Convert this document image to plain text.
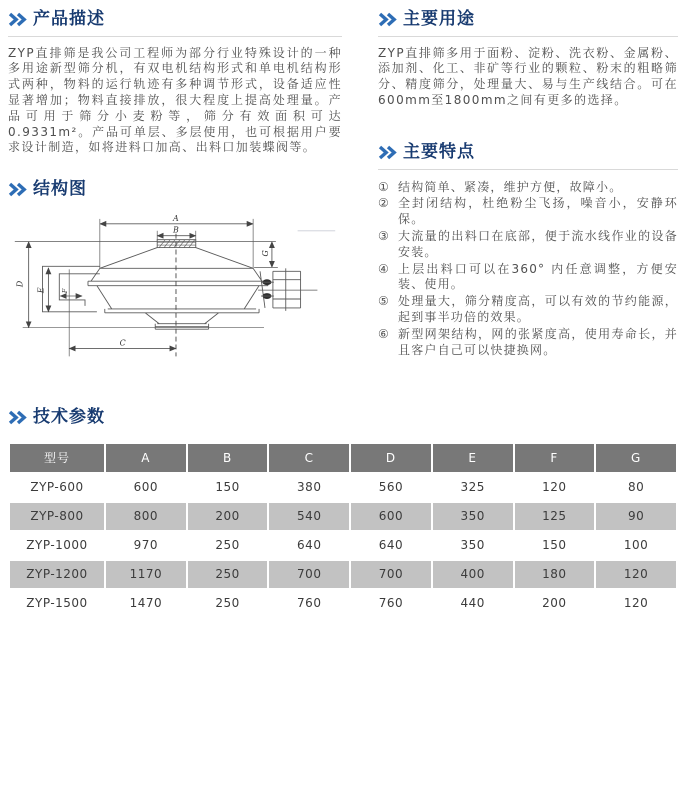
产品描述

ZYP直排筛是我公司工程师为部分行业特殊设计的一种多用途新型筛分机，有双电机结构形式和单电机结构形式两种，物料的运行轨迹有多种调节形式，设备适应性显著增加；物料直接排放，很大程度上提高处理量。产品可用于筛分小麦粉等，筛分有效面积可达0.9331m²。产品可单层、多层使用，也可根据用户要求设计制造，如将进料口加高、出料口加装蝶阀等。

结构图
A
B
C
D
E F
G
主要用途

ZYP直排筛多用于面粉、淀粉、洗衣粉、金属粉、添加剂、化工、非矿等行业的颗粒、粉末的粗略筛分、精度筛分，处理量大、易与生产线结合。可在600mm至1800mm之间有更多的选择。

主要特点
① 结构简单、紧凑，维护方便，故障小。
② 全封闭结构，杜绝粉尘飞扬，噪音小，安静环保。
③ 大流量的出料口在底部，便于流水线作业的设备安装。
④ 上层出料口可以在360° 内任意调整，方便安装、使用。
⑤ 处理量大，筛分精度高，可以有效的节约能源，起到事半功倍的效果。
⑥ 新型网架结构，网的张紧度高，使用寿命长，并且客户自己可以快捷换网。
技术参数
型号	A	B	C	D	E	F	G
ZYP-600	600	150	380	560	325	120	80
ZYP-800	800	200	540	600	350	125	90
ZYP-1000	970	250	640	640	350	150	100
ZYP-1200	1170	250	700	700	400	180	120
ZYP-1500	1470	250	760	760	440	200	120
